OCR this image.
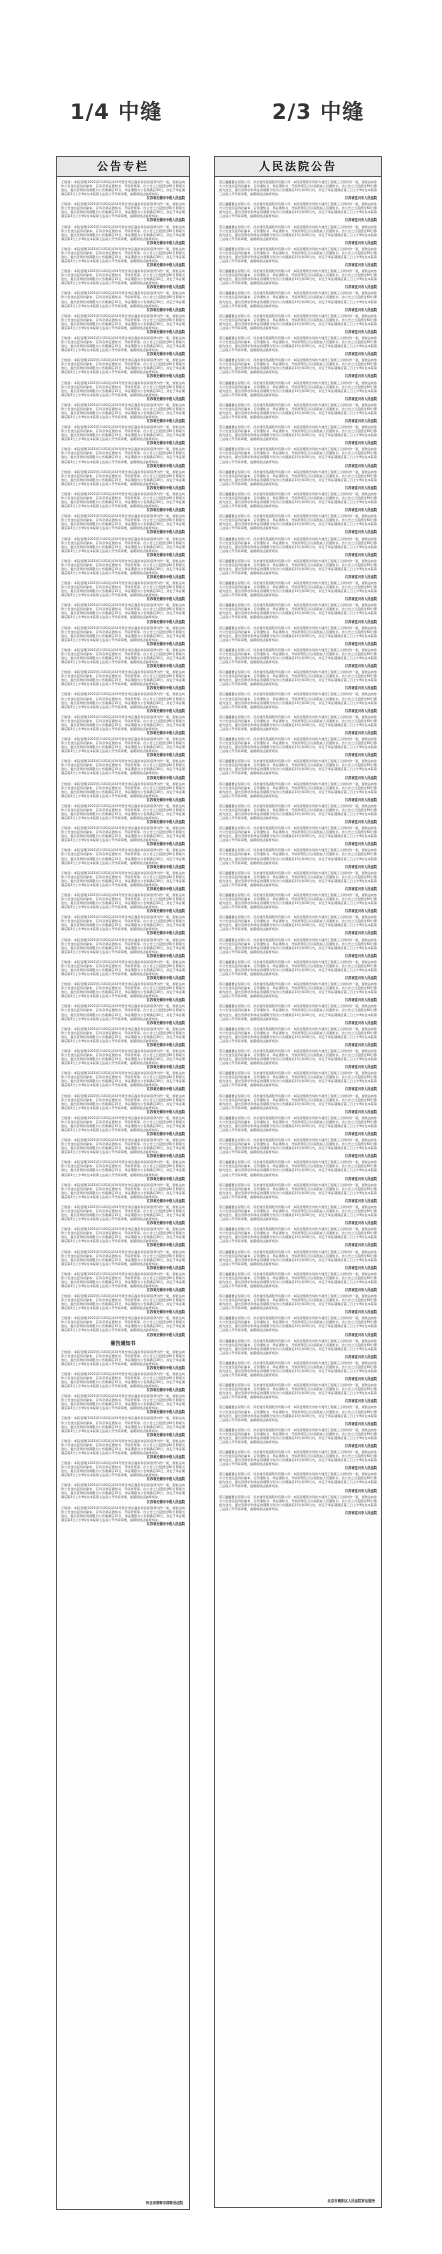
1/4 中缝	2/3 中缝
公告专栏

王俊锋：本院受理(2023)苏1102民初24号原告刘宗磊诉你民间借贷纠纷一案，现依法向你公告送达起诉状副本、应诉及举证通知书、开庭传票等。自公告之日起经过60日即视为送达。提出答辩状的期限为公告期满后15日，举证期限为公告期满后30日，并定于举证期满后第3日上午9时在本院第七法庭公开开庭审理，逾期将依法缺席判决。

江苏省无锡市中级人民法院

王俊锋：本院受理(2023)苏1102民初24号原告刘宗磊诉你民间借贷纠纷一案，现依法向你公告送达起诉状副本、应诉及举证通知书、开庭传票等。自公告之日起经过60日即视为送达。提出答辩状的期限为公告期满后15日，举证期限为公告期满后30日，并定于举证期满后第3日上午9时在本院第七法庭公开开庭审理，逾期将依法缺席判决。

江苏省无锡市中级人民法院

王俊锋：本院受理(2023)苏1102民初24号原告刘宗磊诉你民间借贷纠纷一案，现依法向你公告送达起诉状副本、应诉及举证通知书、开庭传票等。自公告之日起经过60日即视为送达。提出答辩状的期限为公告期满后15日，举证期限为公告期满后30日，并定于举证期满后第3日上午9时在本院第七法庭公开开庭审理，逾期将依法缺席判决。

江苏省无锡市中级人民法院

王俊锋：本院受理(2023)苏1102民初24号原告刘宗磊诉你民间借贷纠纷一案，现依法向你公告送达起诉状副本、应诉及举证通知书、开庭传票等。自公告之日起经过60日即视为送达。提出答辩状的期限为公告期满后15日，举证期限为公告期满后30日，并定于举证期满后第3日上午9时在本院第七法庭公开开庭审理，逾期将依法缺席判决。

江苏省无锡市中级人民法院

王俊锋：本院受理(2023)苏1102民初24号原告刘宗磊诉你民间借贷纠纷一案，现依法向你公告送达起诉状副本、应诉及举证通知书、开庭传票等。自公告之日起经过60日即视为送达。提出答辩状的期限为公告期满后15日，举证期限为公告期满后30日，并定于举证期满后第3日上午9时在本院第七法庭公开开庭审理，逾期将依法缺席判决。

江苏省无锡市中级人民法院

王俊锋：本院受理(2023)苏1102民初24号原告刘宗磊诉你民间借贷纠纷一案，现依法向你公告送达起诉状副本、应诉及举证通知书、开庭传票等。自公告之日起经过60日即视为送达。提出答辩状的期限为公告期满后15日，举证期限为公告期满后30日，并定于举证期满后第3日上午9时在本院第七法庭公开开庭审理，逾期将依法缺席判决。

江苏省无锡市中级人民法院

王俊锋：本院受理(2023)苏1102民初24号原告刘宗磊诉你民间借贷纠纷一案，现依法向你公告送达起诉状副本、应诉及举证通知书、开庭传票等。自公告之日起经过60日即视为送达。提出答辩状的期限为公告期满后15日，举证期限为公告期满后30日，并定于举证期满后第3日上午9时在本院第七法庭公开开庭审理，逾期将依法缺席判决。

江苏省无锡市中级人民法院

王俊锋：本院受理(2023)苏1102民初24号原告刘宗磊诉你民间借贷纠纷一案，现依法向你公告送达起诉状副本、应诉及举证通知书、开庭传票等。自公告之日起经过60日即视为送达。提出答辩状的期限为公告期满后15日，举证期限为公告期满后30日，并定于举证期满后第3日上午9时在本院第七法庭公开开庭审理，逾期将依法缺席判决。

江苏省无锡市中级人民法院

王俊锋：本院受理(2023)苏1102民初24号原告刘宗磊诉你民间借贷纠纷一案，现依法向你公告送达起诉状副本、应诉及举证通知书、开庭传票等。自公告之日起经过60日即视为送达。提出答辩状的期限为公告期满后15日，举证期限为公告期满后30日，并定于举证期满后第3日上午9时在本院第七法庭公开开庭审理，逾期将依法缺席判决。

江苏省无锡市中级人民法院

王俊锋：本院受理(2023)苏1102民初24号原告刘宗磊诉你民间借贷纠纷一案，现依法向你公告送达起诉状副本、应诉及举证通知书、开庭传票等。自公告之日起经过60日即视为送达。提出答辩状的期限为公告期满后15日，举证期限为公告期满后30日，并定于举证期满后第3日上午9时在本院第七法庭公开开庭审理，逾期将依法缺席判决。

江苏省无锡市中级人民法院

王俊锋：本院受理(2023)苏1102民初24号原告刘宗磊诉你民间借贷纠纷一案，现依法向你公告送达起诉状副本、应诉及举证通知书、开庭传票等。自公告之日起经过60日即视为送达。提出答辩状的期限为公告期满后15日，举证期限为公告期满后30日，并定于举证期满后第3日上午9时在本院第七法庭公开开庭审理，逾期将依法缺席判决。

江苏省无锡市中级人民法院

王俊锋：本院受理(2023)苏1102民初24号原告刘宗磊诉你民间借贷纠纷一案，现依法向你公告送达起诉状副本、应诉及举证通知书、开庭传票等。自公告之日起经过60日即视为送达。提出答辩状的期限为公告期满后15日，举证期限为公告期满后30日，并定于举证期满后第3日上午9时在本院第七法庭公开开庭审理，逾期将依法缺席判决。

江苏省无锡市中级人民法院

王俊锋：本院受理(2023)苏1102民初24号原告刘宗磊诉你民间借贷纠纷一案，现依法向你公告送达起诉状副本、应诉及举证通知书、开庭传票等。自公告之日起经过60日即视为送达。提出答辩状的期限为公告期满后15日，举证期限为公告期满后30日，并定于举证期满后第3日上午9时在本院第七法庭公开开庭审理，逾期将依法缺席判决。

江苏省无锡市中级人民法院

王俊锋：本院受理(2023)苏1102民初24号原告刘宗磊诉你民间借贷纠纷一案，现依法向你公告送达起诉状副本、应诉及举证通知书、开庭传票等。自公告之日起经过60日即视为送达。提出答辩状的期限为公告期满后15日，举证期限为公告期满后30日，并定于举证期满后第3日上午9时在本院第七法庭公开开庭审理，逾期将依法缺席判决。

江苏省无锡市中级人民法院

王俊锋：本院受理(2023)苏1102民初24号原告刘宗磊诉你民间借贷纠纷一案，现依法向你公告送达起诉状副本、应诉及举证通知书、开庭传票等。自公告之日起经过60日即视为送达。提出答辩状的期限为公告期满后15日，举证期限为公告期满后30日，并定于举证期满后第3日上午9时在本院第七法庭公开开庭审理，逾期将依法缺席判决。

江苏省无锡市中级人民法院

王俊锋：本院受理(2023)苏1102民初24号原告刘宗磊诉你民间借贷纠纷一案，现依法向你公告送达起诉状副本、应诉及举证通知书、开庭传票等。自公告之日起经过60日即视为送达。提出答辩状的期限为公告期满后15日，举证期限为公告期满后30日，并定于举证期满后第3日上午9时在本院第七法庭公开开庭审理，逾期将依法缺席判决。

江苏省无锡市中级人民法院

王俊锋：本院受理(2023)苏1102民初24号原告刘宗磊诉你民间借贷纠纷一案，现依法向你公告送达起诉状副本、应诉及举证通知书、开庭传票等。自公告之日起经过60日即视为送达。提出答辩状的期限为公告期满后15日，举证期限为公告期满后30日，并定于举证期满后第3日上午9时在本院第七法庭公开开庭审理，逾期将依法缺席判决。

江苏省无锡市中级人民法院

王俊锋：本院受理(2023)苏1102民初24号原告刘宗磊诉你民间借贷纠纷一案，现依法向你公告送达起诉状副本、应诉及举证通知书、开庭传票等。自公告之日起经过60日即视为送达。提出答辩状的期限为公告期满后15日，举证期限为公告期满后30日，并定于举证期满后第3日上午9时在本院第七法庭公开开庭审理，逾期将依法缺席判决。

江苏省无锡市中级人民法院

王俊锋：本院受理(2023)苏1102民初24号原告刘宗磊诉你民间借贷纠纷一案，现依法向你公告送达起诉状副本、应诉及举证通知书、开庭传票等。自公告之日起经过60日即视为送达。提出答辩状的期限为公告期满后15日，举证期限为公告期满后30日，并定于举证期满后第3日上午9时在本院第七法庭公开开庭审理，逾期将依法缺席判决。

江苏省无锡市中级人民法院

王俊锋：本院受理(2023)苏1102民初24号原告刘宗磊诉你民间借贷纠纷一案，现依法向你公告送达起诉状副本、应诉及举证通知书、开庭传票等。自公告之日起经过60日即视为送达。提出答辩状的期限为公告期满后15日，举证期限为公告期满后30日，并定于举证期满后第3日上午9时在本院第七法庭公开开庭审理，逾期将依法缺席判决。

江苏省无锡市中级人民法院

王俊锋：本院受理(2023)苏1102民初24号原告刘宗磊诉你民间借贷纠纷一案，现依法向你公告送达起诉状副本、应诉及举证通知书、开庭传票等。自公告之日起经过60日即视为送达。提出答辩状的期限为公告期满后15日，举证期限为公告期满后30日，并定于举证期满后第3日上午9时在本院第七法庭公开开庭审理，逾期将依法缺席判决。

江苏省无锡市中级人民法院

王俊锋：本院受理(2023)苏1102民初24号原告刘宗磊诉你民间借贷纠纷一案，现依法向你公告送达起诉状副本、应诉及举证通知书、开庭传票等。自公告之日起经过60日即视为送达。提出答辩状的期限为公告期满后15日，举证期限为公告期满后30日，并定于举证期满后第3日上午9时在本院第七法庭公开开庭审理，逾期将依法缺席判决。

江苏省无锡市中级人民法院

王俊锋：本院受理(2023)苏1102民初24号原告刘宗磊诉你民间借贷纠纷一案，现依法向你公告送达起诉状副本、应诉及举证通知书、开庭传票等。自公告之日起经过60日即视为送达。提出答辩状的期限为公告期满后15日，举证期限为公告期满后30日，并定于举证期满后第3日上午9时在本院第七法庭公开开庭审理，逾期将依法缺席判决。

江苏省无锡市中级人民法院

王俊锋：本院受理(2023)苏1102民初24号原告刘宗磊诉你民间借贷纠纷一案，现依法向你公告送达起诉状副本、应诉及举证通知书、开庭传票等。自公告之日起经过60日即视为送达。提出答辩状的期限为公告期满后15日，举证期限为公告期满后30日，并定于举证期满后第3日上午9时在本院第七法庭公开开庭审理，逾期将依法缺席判决。

江苏省无锡市中级人民法院

王俊锋：本院受理(2023)苏1102民初24号原告刘宗磊诉你民间借贷纠纷一案，现依法向你公告送达起诉状副本、应诉及举证通知书、开庭传票等。自公告之日起经过60日即视为送达。提出答辩状的期限为公告期满后15日，举证期限为公告期满后30日，并定于举证期满后第3日上午9时在本院第七法庭公开开庭审理，逾期将依法缺席判决。

江苏省无锡市中级人民法院

王俊锋：本院受理(2023)苏1102民初24号原告刘宗磊诉你民间借贷纠纷一案，现依法向你公告送达起诉状副本、应诉及举证通知书、开庭传票等。自公告之日起经过60日即视为送达。提出答辩状的期限为公告期满后15日，举证期限为公告期满后30日，并定于举证期满后第3日上午9时在本院第七法庭公开开庭审理，逾期将依法缺席判决。

江苏省无锡市中级人民法院

王俊锋：本院受理(2023)苏1102民初24号原告刘宗磊诉你民间借贷纠纷一案，现依法向你公告送达起诉状副本、应诉及举证通知书、开庭传票等。自公告之日起经过60日即视为送达。提出答辩状的期限为公告期满后15日，举证期限为公告期满后30日，并定于举证期满后第3日上午9时在本院第七法庭公开开庭审理，逾期将依法缺席判决。

江苏省无锡市中级人民法院

王俊锋：本院受理(2023)苏1102民初24号原告刘宗磊诉你民间借贷纠纷一案，现依法向你公告送达起诉状副本、应诉及举证通知书、开庭传票等。自公告之日起经过60日即视为送达。提出答辩状的期限为公告期满后15日，举证期限为公告期满后30日，并定于举证期满后第3日上午9时在本院第七法庭公开开庭审理，逾期将依法缺席判决。

江苏省无锡市中级人民法院

王俊锋：本院受理(2023)苏1102民初24号原告刘宗磊诉你民间借贷纠纷一案，现依法向你公告送达起诉状副本、应诉及举证通知书、开庭传票等。自公告之日起经过60日即视为送达。提出答辩状的期限为公告期满后15日，举证期限为公告期满后30日，并定于举证期满后第3日上午9时在本院第七法庭公开开庭审理，逾期将依法缺席判决。

江苏省无锡市中级人民法院

王俊锋：本院受理(2023)苏1102民初24号原告刘宗磊诉你民间借贷纠纷一案，现依法向你公告送达起诉状副本、应诉及举证通知书、开庭传票等。自公告之日起经过60日即视为送达。提出答辩状的期限为公告期满后15日，举证期限为公告期满后30日，并定于举证期满后第3日上午9时在本院第七法庭公开开庭审理，逾期将依法缺席判决。

江苏省无锡市中级人民法院

王俊锋：本院受理(2023)苏1102民初24号原告刘宗磊诉你民间借贷纠纷一案，现依法向你公告送达起诉状副本、应诉及举证通知书、开庭传票等。自公告之日起经过60日即视为送达。提出答辩状的期限为公告期满后15日，举证期限为公告期满后30日，并定于举证期满后第3日上午9时在本院第七法庭公开开庭审理，逾期将依法缺席判决。

江苏省无锡市中级人民法院

王俊锋：本院受理(2023)苏1102民初24号原告刘宗磊诉你民间借贷纠纷一案，现依法向你公告送达起诉状副本、应诉及举证通知书、开庭传票等。自公告之日起经过60日即视为送达。提出答辩状的期限为公告期满后15日，举证期限为公告期满后30日，并定于举证期满后第3日上午9时在本院第七法庭公开开庭审理，逾期将依法缺席判决。

江苏省无锡市中级人民法院

王俊锋：本院受理(2023)苏1102民初24号原告刘宗磊诉你民间借贷纠纷一案，现依法向你公告送达起诉状副本、应诉及举证通知书、开庭传票等。自公告之日起经过60日即视为送达。提出答辩状的期限为公告期满后15日，举证期限为公告期满后30日，并定于举证期满后第3日上午9时在本院第七法庭公开开庭审理，逾期将依法缺席判决。

江苏省无锡市中级人民法院

王俊锋：本院受理(2023)苏1102民初24号原告刘宗磊诉你民间借贷纠纷一案，现依法向你公告送达起诉状副本、应诉及举证通知书、开庭传票等。自公告之日起经过60日即视为送达。提出答辩状的期限为公告期满后15日，举证期限为公告期满后30日，并定于举证期满后第3日上午9时在本院第七法庭公开开庭审理，逾期将依法缺席判决。

江苏省无锡市中级人民法院

王俊锋：本院受理(2023)苏1102民初24号原告刘宗磊诉你民间借贷纠纷一案，现依法向你公告送达起诉状副本、应诉及举证通知书、开庭传票等。自公告之日起经过60日即视为送达。提出答辩状的期限为公告期满后15日，举证期限为公告期满后30日，并定于举证期满后第3日上午9时在本院第七法庭公开开庭审理，逾期将依法缺席判决。

江苏省无锡市中级人民法院

王俊锋：本院受理(2023)苏1102民初24号原告刘宗磊诉你民间借贷纠纷一案，现依法向你公告送达起诉状副本、应诉及举证通知书、开庭传票等。自公告之日起经过60日即视为送达。提出答辩状的期限为公告期满后15日，举证期限为公告期满后30日，并定于举证期满后第3日上午9时在本院第七法庭公开开庭审理，逾期将依法缺席判决。

江苏省无锡市中级人民法院

王俊锋：本院受理(2023)苏1102民初24号原告刘宗磊诉你民间借贷纠纷一案，现依法向你公告送达起诉状副本、应诉及举证通知书、开庭传票等。自公告之日起经过60日即视为送达。提出答辩状的期限为公告期满后15日，举证期限为公告期满后30日，并定于举证期满后第3日上午9时在本院第七法庭公开开庭审理，逾期将依法缺席判决。

江苏省无锡市中级人民法院

王俊锋：本院受理(2023)苏1102民初24号原告刘宗磊诉你民间借贷纠纷一案，现依法向你公告送达起诉状副本、应诉及举证通知书、开庭传票等。自公告之日起经过60日即视为送达。提出答辩状的期限为公告期满后15日，举证期限为公告期满后30日，并定于举证期满后第3日上午9时在本院第七法庭公开开庭审理，逾期将依法缺席判决。

江苏省无锡市中级人民法院

王俊锋：本院受理(2023)苏1102民初24号原告刘宗磊诉你民间借贷纠纷一案，现依法向你公告送达起诉状副本、应诉及举证通知书、开庭传票等。自公告之日起经过60日即视为送达。提出答辩状的期限为公告期满后15日，举证期限为公告期满后30日，并定于举证期满后第3日上午9时在本院第七法庭公开开庭审理，逾期将依法缺席判决。

江苏省无锡市中级人民法院

王俊锋：本院受理(2023)苏1102民初24号原告刘宗磊诉你民间借贷纠纷一案，现依法向你公告送达起诉状副本、应诉及举证通知书、开庭传票等。自公告之日起经过60日即视为送达。提出答辩状的期限为公告期满后15日，举证期限为公告期满后30日，并定于举证期满后第3日上午9时在本院第七法庭公开开庭审理，逾期将依法缺席判决。

江苏省无锡市中级人民法院

王俊锋：本院受理(2023)苏1102民初24号原告刘宗磊诉你民间借贷纠纷一案，现依法向你公告送达起诉状副本、应诉及举证通知书、开庭传票等。自公告之日起经过60日即视为送达。提出答辩状的期限为公告期满后15日，举证期限为公告期满后30日，并定于举证期满后第3日上午9时在本院第七法庭公开开庭审理，逾期将依法缺席判决。

江苏省无锡市中级人民法院

王俊锋：本院受理(2023)苏1102民初24号原告刘宗磊诉你民间借贷纠纷一案，现依法向你公告送达起诉状副本、应诉及举证通知书、开庭传票等。自公告之日起经过60日即视为送达。提出答辩状的期限为公告期满后15日，举证期限为公告期满后30日，并定于举证期满后第3日上午9时在本院第七法庭公开开庭审理，逾期将依法缺席判决。

江苏省无锡市中级人民法院

王俊锋：本院受理(2023)苏1102民初24号原告刘宗磊诉你民间借贷纠纷一案，现依法向你公告送达起诉状副本、应诉及举证通知书、开庭传票等。自公告之日起经过60日即视为送达。提出答辩状的期限为公告期满后15日，举证期限为公告期满后30日，并定于举证期满后第3日上午9时在本院第七法庭公开开庭审理，逾期将依法缺席判决。

江苏省无锡市中级人民法院

王俊锋：本院受理(2023)苏1102民初24号原告刘宗磊诉你民间借贷纠纷一案，现依法向你公告送达起诉状副本、应诉及举证通知书、开庭传票等。自公告之日起经过60日即视为送达。提出答辩状的期限为公告期满后15日，举证期限为公告期满后30日，并定于举证期满后第3日上午9时在本院第七法庭公开开庭审理，逾期将依法缺席判决。

江苏省无锡市中级人民法院

王俊锋：本院受理(2023)苏1102民初24号原告刘宗磊诉你民间借贷纠纷一案，现依法向你公告送达起诉状副本、应诉及举证通知书、开庭传票等。自公告之日起经过60日即视为送达。提出答辩状的期限为公告期满后15日，举证期限为公告期满后30日，并定于举证期满后第3日上午9时在本院第七法庭公开开庭审理，逾期将依法缺席判决。

江苏省无锡市中级人民法院

王俊锋：本院受理(2023)苏1102民初24号原告刘宗磊诉你民间借贷纠纷一案，现依法向你公告送达起诉状副本、应诉及举证通知书、开庭传票等。自公告之日起经过60日即视为送达。提出答辩状的期限为公告期满后15日，举证期限为公告期满后30日，并定于举证期满后第3日上午9时在本院第七法庭公开开庭审理，逾期将依法缺席判决。

江苏省无锡市中级人民法院

王俊锋：本院受理(2023)苏1102民初24号原告刘宗磊诉你民间借贷纠纷一案，现依法向你公告送达起诉状副本、应诉及举证通知书、开庭传票等。自公告之日起经过60日即视为送达。提出答辩状的期限为公告期满后15日，举证期限为公告期满后30日，并定于举证期满后第3日上午9时在本院第七法庭公开开庭审理，逾期将依法缺席判决。

江苏省无锡市中级人民法院

王俊锋：本院受理(2023)苏1102民初24号原告刘宗磊诉你民间借贷纠纷一案，现依法向你公告送达起诉状副本、应诉及举证通知书、开庭传票等。自公告之日起经过60日即视为送达。提出答辩状的期限为公告期满后15日，举证期限为公告期满后30日，并定于举证期满后第3日上午9时在本院第七法庭公开开庭审理，逾期将依法缺席判决。

江苏省无锡市中级人民法院

王俊锋：本院受理(2023)苏1102民初24号原告刘宗磊诉你民间借贷纠纷一案，现依法向你公告送达起诉状副本、应诉及举证通知书、开庭传票等。自公告之日起经过60日即视为送达。提出答辩状的期限为公告期满后15日，举证期限为公告期满后30日，并定于举证期满后第3日上午9时在本院第七法庭公开开庭审理，逾期将依法缺席判决。

江苏省无锡市中级人民法院

王俊锋：本院受理(2023)苏1102民初24号原告刘宗磊诉你民间借贷纠纷一案，现依法向你公告送达起诉状副本、应诉及举证通知书、开庭传票等。自公告之日起经过60日即视为送达。提出答辩状的期限为公告期满后15日，举证期限为公告期满后30日，并定于举证期满后第3日上午9时在本院第七法庭公开开庭审理，逾期将依法缺席判决。

江苏省无锡市中级人民法院

王俊锋：本院受理(2023)苏1102民初24号原告刘宗磊诉你民间借贷纠纷一案，现依法向你公告送达起诉状副本、应诉及举证通知书、开庭传票等。自公告之日起经过60日即视为送达。提出答辩状的期限为公告期满后15日，举证期限为公告期满后30日，并定于举证期满后第3日上午9时在本院第七法庭公开开庭审理，逾期将依法缺席判决。

江苏省无锡市中级人民法院

王俊锋：本院受理(2023)苏1102民初24号原告刘宗磊诉你民间借贷纠纷一案，现依法向你公告送达起诉状副本、应诉及举证通知书、开庭传票等。自公告之日起经过60日即视为送达。提出答辩状的期限为公告期满后15日，举证期限为公告期满后30日，并定于举证期满后第3日上午9时在本院第七法庭公开开庭审理，逾期将依法缺席判决。

江苏省无锡市中级人民法院
催告通知书

王俊锋：本院受理(2023)苏1102民初24号原告刘宗磊诉你民间借贷纠纷一案，现依法向你公告送达起诉状副本、应诉及举证通知书、开庭传票等。自公告之日起经过60日即视为送达。提出答辩状的期限为公告期满后15日，举证期限为公告期满后30日，并定于举证期满后第3日上午9时在本院第七法庭公开开庭审理，逾期将依法缺席判决。

江苏省无锡市中级人民法院

王俊锋：本院受理(2023)苏1102民初24号原告刘宗磊诉你民间借贷纠纷一案，现依法向你公告送达起诉状副本、应诉及举证通知书、开庭传票等。自公告之日起经过60日即视为送达。提出答辩状的期限为公告期满后15日，举证期限为公告期满后30日，并定于举证期满后第3日上午9时在本院第七法庭公开开庭审理，逾期将依法缺席判决。

江苏省无锡市中级人民法院

王俊锋：本院受理(2023)苏1102民初24号原告刘宗磊诉你民间借贷纠纷一案，现依法向你公告送达起诉状副本、应诉及举证通知书、开庭传票等。自公告之日起经过60日即视为送达。提出答辩状的期限为公告期满后15日，举证期限为公告期满后30日，并定于举证期满后第3日上午9时在本院第七法庭公开开庭审理，逾期将依法缺席判决。

江苏省无锡市中级人民法院

王俊锋：本院受理(2023)苏1102民初24号原告刘宗磊诉你民间借贷纠纷一案，现依法向你公告送达起诉状副本、应诉及举证通知书、开庭传票等。自公告之日起经过60日即视为送达。提出答辩状的期限为公告期满后15日，举证期限为公告期满后30日，并定于举证期满后第3日上午9时在本院第七法庭公开开庭审理，逾期将依法缺席判决。

江苏省无锡市中级人民法院

王俊锋：本院受理(2023)苏1102民初24号原告刘宗磊诉你民间借贷纠纷一案，现依法向你公告送达起诉状副本、应诉及举证通知书、开庭传票等。自公告之日起经过60日即视为送达。提出答辩状的期限为公告期满后15日，举证期限为公告期满后30日，并定于举证期满后第3日上午9时在本院第七法庭公开开庭审理，逾期将依法缺席判决。

江苏省无锡市中级人民法院

王俊锋：本院受理(2023)苏1102民初24号原告刘宗磊诉你民间借贷纠纷一案，现依法向你公告送达起诉状副本、应诉及举证通知书、开庭传票等。自公告之日起经过60日即视为送达。提出答辩状的期限为公告期满后15日，举证期限为公告期满后30日，并定于举证期满后第3日上午9时在本院第七法庭公开开庭审理，逾期将依法缺席判决。

江苏省无锡市中级人民法院

王俊锋：本院受理(2023)苏1102民初24号原告刘宗磊诉你民间借贷纠纷一案，现依法向你公告送达起诉状副本、应诉及举证通知书、开庭传票等。自公告之日起经过60日即视为送达。提出答辩状的期限为公告期满后15日，举证期限为公告期满后30日，并定于举证期满后第3日上午9时在本院第七法庭公开开庭审理，逾期将依法缺席判决。

江苏省无锡市中级人民法院

王俊锋：本院受理(2023)苏1102民初24号原告刘宗磊诉你民间借贷纠纷一案，现依法向你公告送达起诉状副本、应诉及举证通知书、开庭传票等。自公告之日起经过60日即视为送达。提出答辩状的期限为公告期满后15日，举证期限为公告期满后30日，并定于举证期满后第3日上午9时在本院第七法庭公开开庭审理，逾期将依法缺席判决。

江苏省无锡市中级人民法院
河北省邯郸市邯郸县法院
人民法院公告

晋江鑫鑫置业有限公司、河北建设集团股份有限公司：本院受理原告诉你方建设工程施工合同纠纷一案，现依法向你方公告送达起诉状副本、应诉通知书、举证通知书、开庭传票及合议庭组成人员通知书。自公告之日起经过60日即视为送达，提出答辩状和举证的期限分别为公告期满后15日和30日内，并定于举证期满后第三日上午9时在本院第三法庭公开开庭审理，逾期将依法缺席判决。

江苏省宜兴市人民法院

晋江鑫鑫置业有限公司、河北建设集团股份有限公司：本院受理原告诉你方建设工程施工合同纠纷一案，现依法向你方公告送达起诉状副本、应诉通知书、举证通知书、开庭传票及合议庭组成人员通知书。自公告之日起经过60日即视为送达，提出答辩状和举证的期限分别为公告期满后15日和30日内，并定于举证期满后第三日上午9时在本院第三法庭公开开庭审理，逾期将依法缺席判决。

江苏省宜兴市人民法院

晋江鑫鑫置业有限公司、河北建设集团股份有限公司：本院受理原告诉你方建设工程施工合同纠纷一案，现依法向你方公告送达起诉状副本、应诉通知书、举证通知书、开庭传票及合议庭组成人员通知书。自公告之日起经过60日即视为送达，提出答辩状和举证的期限分别为公告期满后15日和30日内，并定于举证期满后第三日上午9时在本院第三法庭公开开庭审理，逾期将依法缺席判决。

江苏省宜兴市人民法院

晋江鑫鑫置业有限公司、河北建设集团股份有限公司：本院受理原告诉你方建设工程施工合同纠纷一案，现依法向你方公告送达起诉状副本、应诉通知书、举证通知书、开庭传票及合议庭组成人员通知书。自公告之日起经过60日即视为送达，提出答辩状和举证的期限分别为公告期满后15日和30日内，并定于举证期满后第三日上午9时在本院第三法庭公开开庭审理，逾期将依法缺席判决。

江苏省宜兴市人民法院

晋江鑫鑫置业有限公司、河北建设集团股份有限公司：本院受理原告诉你方建设工程施工合同纠纷一案，现依法向你方公告送达起诉状副本、应诉通知书、举证通知书、开庭传票及合议庭组成人员通知书。自公告之日起经过60日即视为送达，提出答辩状和举证的期限分别为公告期满后15日和30日内，并定于举证期满后第三日上午9时在本院第三法庭公开开庭审理，逾期将依法缺席判决。

江苏省宜兴市人民法院

晋江鑫鑫置业有限公司、河北建设集团股份有限公司：本院受理原告诉你方建设工程施工合同纠纷一案，现依法向你方公告送达起诉状副本、应诉通知书、举证通知书、开庭传票及合议庭组成人员通知书。自公告之日起经过60日即视为送达，提出答辩状和举证的期限分别为公告期满后15日和30日内，并定于举证期满后第三日上午9时在本院第三法庭公开开庭审理，逾期将依法缺席判决。

江苏省宜兴市人民法院

晋江鑫鑫置业有限公司、河北建设集团股份有限公司：本院受理原告诉你方建设工程施工合同纠纷一案，现依法向你方公告送达起诉状副本、应诉通知书、举证通知书、开庭传票及合议庭组成人员通知书。自公告之日起经过60日即视为送达，提出答辩状和举证的期限分别为公告期满后15日和30日内，并定于举证期满后第三日上午9时在本院第三法庭公开开庭审理，逾期将依法缺席判决。

江苏省宜兴市人民法院

晋江鑫鑫置业有限公司、河北建设集团股份有限公司：本院受理原告诉你方建设工程施工合同纠纷一案，现依法向你方公告送达起诉状副本、应诉通知书、举证通知书、开庭传票及合议庭组成人员通知书。自公告之日起经过60日即视为送达，提出答辩状和举证的期限分别为公告期满后15日和30日内，并定于举证期满后第三日上午9时在本院第三法庭公开开庭审理，逾期将依法缺席判决。

江苏省宜兴市人民法院

晋江鑫鑫置业有限公司、河北建设集团股份有限公司：本院受理原告诉你方建设工程施工合同纠纷一案，现依法向你方公告送达起诉状副本、应诉通知书、举证通知书、开庭传票及合议庭组成人员通知书。自公告之日起经过60日即视为送达，提出答辩状和举证的期限分别为公告期满后15日和30日内，并定于举证期满后第三日上午9时在本院第三法庭公开开庭审理，逾期将依法缺席判决。

江苏省宜兴市人民法院

晋江鑫鑫置业有限公司、河北建设集团股份有限公司：本院受理原告诉你方建设工程施工合同纠纷一案，现依法向你方公告送达起诉状副本、应诉通知书、举证通知书、开庭传票及合议庭组成人员通知书。自公告之日起经过60日即视为送达，提出答辩状和举证的期限分别为公告期满后15日和30日内，并定于举证期满后第三日上午9时在本院第三法庭公开开庭审理，逾期将依法缺席判决。

江苏省宜兴市人民法院

晋江鑫鑫置业有限公司、河北建设集团股份有限公司：本院受理原告诉你方建设工程施工合同纠纷一案，现依法向你方公告送达起诉状副本、应诉通知书、举证通知书、开庭传票及合议庭组成人员通知书。自公告之日起经过60日即视为送达，提出答辩状和举证的期限分别为公告期满后15日和30日内，并定于举证期满后第三日上午9时在本院第三法庭公开开庭审理，逾期将依法缺席判决。

江苏省宜兴市人民法院

晋江鑫鑫置业有限公司、河北建设集团股份有限公司：本院受理原告诉你方建设工程施工合同纠纷一案，现依法向你方公告送达起诉状副本、应诉通知书、举证通知书、开庭传票及合议庭组成人员通知书。自公告之日起经过60日即视为送达，提出答辩状和举证的期限分别为公告期满后15日和30日内，并定于举证期满后第三日上午9时在本院第三法庭公开开庭审理，逾期将依法缺席判决。

江苏省宜兴市人民法院

晋江鑫鑫置业有限公司、河北建设集团股份有限公司：本院受理原告诉你方建设工程施工合同纠纷一案，现依法向你方公告送达起诉状副本、应诉通知书、举证通知书、开庭传票及合议庭组成人员通知书。自公告之日起经过60日即视为送达，提出答辩状和举证的期限分别为公告期满后15日和30日内，并定于举证期满后第三日上午9时在本院第三法庭公开开庭审理，逾期将依法缺席判决。

江苏省宜兴市人民法院

晋江鑫鑫置业有限公司、河北建设集团股份有限公司：本院受理原告诉你方建设工程施工合同纠纷一案，现依法向你方公告送达起诉状副本、应诉通知书、举证通知书、开庭传票及合议庭组成人员通知书。自公告之日起经过60日即视为送达，提出答辩状和举证的期限分别为公告期满后15日和30日内，并定于举证期满后第三日上午9时在本院第三法庭公开开庭审理，逾期将依法缺席判决。

江苏省宜兴市人民法院

晋江鑫鑫置业有限公司、河北建设集团股份有限公司：本院受理原告诉你方建设工程施工合同纠纷一案，现依法向你方公告送达起诉状副本、应诉通知书、举证通知书、开庭传票及合议庭组成人员通知书。自公告之日起经过60日即视为送达，提出答辩状和举证的期限分别为公告期满后15日和30日内，并定于举证期满后第三日上午9时在本院第三法庭公开开庭审理，逾期将依法缺席判决。

江苏省宜兴市人民法院

晋江鑫鑫置业有限公司、河北建设集团股份有限公司：本院受理原告诉你方建设工程施工合同纠纷一案，现依法向你方公告送达起诉状副本、应诉通知书、举证通知书、开庭传票及合议庭组成人员通知书。自公告之日起经过60日即视为送达，提出答辩状和举证的期限分别为公告期满后15日和30日内，并定于举证期满后第三日上午9时在本院第三法庭公开开庭审理，逾期将依法缺席判决。

江苏省宜兴市人民法院

晋江鑫鑫置业有限公司、河北建设集团股份有限公司：本院受理原告诉你方建设工程施工合同纠纷一案，现依法向你方公告送达起诉状副本、应诉通知书、举证通知书、开庭传票及合议庭组成人员通知书。自公告之日起经过60日即视为送达，提出答辩状和举证的期限分别为公告期满后15日和30日内，并定于举证期满后第三日上午9时在本院第三法庭公开开庭审理，逾期将依法缺席判决。

江苏省宜兴市人民法院

晋江鑫鑫置业有限公司、河北建设集团股份有限公司：本院受理原告诉你方建设工程施工合同纠纷一案，现依法向你方公告送达起诉状副本、应诉通知书、举证通知书、开庭传票及合议庭组成人员通知书。自公告之日起经过60日即视为送达，提出答辩状和举证的期限分别为公告期满后15日和30日内，并定于举证期满后第三日上午9时在本院第三法庭公开开庭审理，逾期将依法缺席判决。

江苏省宜兴市人民法院

晋江鑫鑫置业有限公司、河北建设集团股份有限公司：本院受理原告诉你方建设工程施工合同纠纷一案，现依法向你方公告送达起诉状副本、应诉通知书、举证通知书、开庭传票及合议庭组成人员通知书。自公告之日起经过60日即视为送达，提出答辩状和举证的期限分别为公告期满后15日和30日内，并定于举证期满后第三日上午9时在本院第三法庭公开开庭审理，逾期将依法缺席判决。

江苏省宜兴市人民法院

晋江鑫鑫置业有限公司、河北建设集团股份有限公司：本院受理原告诉你方建设工程施工合同纠纷一案，现依法向你方公告送达起诉状副本、应诉通知书、举证通知书、开庭传票及合议庭组成人员通知书。自公告之日起经过60日即视为送达，提出答辩状和举证的期限分别为公告期满后15日和30日内，并定于举证期满后第三日上午9时在本院第三法庭公开开庭审理，逾期将依法缺席判决。

江苏省宜兴市人民法院

晋江鑫鑫置业有限公司、河北建设集团股份有限公司：本院受理原告诉你方建设工程施工合同纠纷一案，现依法向你方公告送达起诉状副本、应诉通知书、举证通知书、开庭传票及合议庭组成人员通知书。自公告之日起经过60日即视为送达，提出答辩状和举证的期限分别为公告期满后15日和30日内，并定于举证期满后第三日上午9时在本院第三法庭公开开庭审理，逾期将依法缺席判决。

江苏省宜兴市人民法院

晋江鑫鑫置业有限公司、河北建设集团股份有限公司：本院受理原告诉你方建设工程施工合同纠纷一案，现依法向你方公告送达起诉状副本、应诉通知书、举证通知书、开庭传票及合议庭组成人员通知书。自公告之日起经过60日即视为送达，提出答辩状和举证的期限分别为公告期满后15日和30日内，并定于举证期满后第三日上午9时在本院第三法庭公开开庭审理，逾期将依法缺席判决。

江苏省宜兴市人民法院

晋江鑫鑫置业有限公司、河北建设集团股份有限公司：本院受理原告诉你方建设工程施工合同纠纷一案，现依法向你方公告送达起诉状副本、应诉通知书、举证通知书、开庭传票及合议庭组成人员通知书。自公告之日起经过60日即视为送达，提出答辩状和举证的期限分别为公告期满后15日和30日内，并定于举证期满后第三日上午9时在本院第三法庭公开开庭审理，逾期将依法缺席判决。

江苏省宜兴市人民法院

晋江鑫鑫置业有限公司、河北建设集团股份有限公司：本院受理原告诉你方建设工程施工合同纠纷一案，现依法向你方公告送达起诉状副本、应诉通知书、举证通知书、开庭传票及合议庭组成人员通知书。自公告之日起经过60日即视为送达，提出答辩状和举证的期限分别为公告期满后15日和30日内，并定于举证期满后第三日上午9时在本院第三法庭公开开庭审理，逾期将依法缺席判决。

江苏省宜兴市人民法院

晋江鑫鑫置业有限公司、河北建设集团股份有限公司：本院受理原告诉你方建设工程施工合同纠纷一案，现依法向你方公告送达起诉状副本、应诉通知书、举证通知书、开庭传票及合议庭组成人员通知书。自公告之日起经过60日即视为送达，提出答辩状和举证的期限分别为公告期满后15日和30日内，并定于举证期满后第三日上午9时在本院第三法庭公开开庭审理，逾期将依法缺席判决。

江苏省宜兴市人民法院

晋江鑫鑫置业有限公司、河北建设集团股份有限公司：本院受理原告诉你方建设工程施工合同纠纷一案，现依法向你方公告送达起诉状副本、应诉通知书、举证通知书、开庭传票及合议庭组成人员通知书。自公告之日起经过60日即视为送达，提出答辩状和举证的期限分别为公告期满后15日和30日内，并定于举证期满后第三日上午9时在本院第三法庭公开开庭审理，逾期将依法缺席判决。

江苏省宜兴市人民法院

晋江鑫鑫置业有限公司、河北建设集团股份有限公司：本院受理原告诉你方建设工程施工合同纠纷一案，现依法向你方公告送达起诉状副本、应诉通知书、举证通知书、开庭传票及合议庭组成人员通知书。自公告之日起经过60日即视为送达，提出答辩状和举证的期限分别为公告期满后15日和30日内，并定于举证期满后第三日上午9时在本院第三法庭公开开庭审理，逾期将依法缺席判决。

江苏省宜兴市人民法院

晋江鑫鑫置业有限公司、河北建设集团股份有限公司：本院受理原告诉你方建设工程施工合同纠纷一案，现依法向你方公告送达起诉状副本、应诉通知书、举证通知书、开庭传票及合议庭组成人员通知书。自公告之日起经过60日即视为送达，提出答辩状和举证的期限分别为公告期满后15日和30日内，并定于举证期满后第三日上午9时在本院第三法庭公开开庭审理，逾期将依法缺席判决。

江苏省宜兴市人民法院

晋江鑫鑫置业有限公司、河北建设集团股份有限公司：本院受理原告诉你方建设工程施工合同纠纷一案，现依法向你方公告送达起诉状副本、应诉通知书、举证通知书、开庭传票及合议庭组成人员通知书。自公告之日起经过60日即视为送达，提出答辩状和举证的期限分别为公告期满后15日和30日内，并定于举证期满后第三日上午9时在本院第三法庭公开开庭审理，逾期将依法缺席判决。

江苏省宜兴市人民法院

晋江鑫鑫置业有限公司、河北建设集团股份有限公司：本院受理原告诉你方建设工程施工合同纠纷一案，现依法向你方公告送达起诉状副本、应诉通知书、举证通知书、开庭传票及合议庭组成人员通知书。自公告之日起经过60日即视为送达，提出答辩状和举证的期限分别为公告期满后15日和30日内，并定于举证期满后第三日上午9时在本院第三法庭公开开庭审理，逾期将依法缺席判决。

江苏省宜兴市人民法院

晋江鑫鑫置业有限公司、河北建设集团股份有限公司：本院受理原告诉你方建设工程施工合同纠纷一案，现依法向你方公告送达起诉状副本、应诉通知书、举证通知书、开庭传票及合议庭组成人员通知书。自公告之日起经过60日即视为送达，提出答辩状和举证的期限分别为公告期满后15日和30日内，并定于举证期满后第三日上午9时在本院第三法庭公开开庭审理，逾期将依法缺席判决。

江苏省宜兴市人民法院

晋江鑫鑫置业有限公司、河北建设集团股份有限公司：本院受理原告诉你方建设工程施工合同纠纷一案，现依法向你方公告送达起诉状副本、应诉通知书、举证通知书、开庭传票及合议庭组成人员通知书。自公告之日起经过60日即视为送达，提出答辩状和举证的期限分别为公告期满后15日和30日内，并定于举证期满后第三日上午9时在本院第三法庭公开开庭审理，逾期将依法缺席判决。

江苏省宜兴市人民法院

晋江鑫鑫置业有限公司、河北建设集团股份有限公司：本院受理原告诉你方建设工程施工合同纠纷一案，现依法向你方公告送达起诉状副本、应诉通知书、举证通知书、开庭传票及合议庭组成人员通知书。自公告之日起经过60日即视为送达，提出答辩状和举证的期限分别为公告期满后15日和30日内，并定于举证期满后第三日上午9时在本院第三法庭公开开庭审理，逾期将依法缺席判决。

江苏省宜兴市人民法院

晋江鑫鑫置业有限公司、河北建设集团股份有限公司：本院受理原告诉你方建设工程施工合同纠纷一案，现依法向你方公告送达起诉状副本、应诉通知书、举证通知书、开庭传票及合议庭组成人员通知书。自公告之日起经过60日即视为送达，提出答辩状和举证的期限分别为公告期满后15日和30日内，并定于举证期满后第三日上午9时在本院第三法庭公开开庭审理，逾期将依法缺席判决。

江苏省宜兴市人民法院

晋江鑫鑫置业有限公司、河北建设集团股份有限公司：本院受理原告诉你方建设工程施工合同纠纷一案，现依法向你方公告送达起诉状副本、应诉通知书、举证通知书、开庭传票及合议庭组成人员通知书。自公告之日起经过60日即视为送达，提出答辩状和举证的期限分别为公告期满后15日和30日内，并定于举证期满后第三日上午9时在本院第三法庭公开开庭审理，逾期将依法缺席判决。

江苏省宜兴市人民法院

晋江鑫鑫置业有限公司、河北建设集团股份有限公司：本院受理原告诉你方建设工程施工合同纠纷一案，现依法向你方公告送达起诉状副本、应诉通知书、举证通知书、开庭传票及合议庭组成人员通知书。自公告之日起经过60日即视为送达，提出答辩状和举证的期限分别为公告期满后15日和30日内，并定于举证期满后第三日上午9时在本院第三法庭公开开庭审理，逾期将依法缺席判决。

江苏省宜兴市人民法院

晋江鑫鑫置业有限公司、河北建设集团股份有限公司：本院受理原告诉你方建设工程施工合同纠纷一案，现依法向你方公告送达起诉状副本、应诉通知书、举证通知书、开庭传票及合议庭组成人员通知书。自公告之日起经过60日即视为送达，提出答辩状和举证的期限分别为公告期满后15日和30日内，并定于举证期满后第三日上午9时在本院第三法庭公开开庭审理，逾期将依法缺席判决。

江苏省宜兴市人民法院

晋江鑫鑫置业有限公司、河北建设集团股份有限公司：本院受理原告诉你方建设工程施工合同纠纷一案，现依法向你方公告送达起诉状副本、应诉通知书、举证通知书、开庭传票及合议庭组成人员通知书。自公告之日起经过60日即视为送达，提出答辩状和举证的期限分别为公告期满后15日和30日内，并定于举证期满后第三日上午9时在本院第三法庭公开开庭审理，逾期将依法缺席判决。

江苏省宜兴市人民法院

晋江鑫鑫置业有限公司、河北建设集团股份有限公司：本院受理原告诉你方建设工程施工合同纠纷一案，现依法向你方公告送达起诉状副本、应诉通知书、举证通知书、开庭传票及合议庭组成人员通知书。自公告之日起经过60日即视为送达，提出答辩状和举证的期限分别为公告期满后15日和30日内，并定于举证期满后第三日上午9时在本院第三法庭公开开庭审理，逾期将依法缺席判决。

江苏省宜兴市人民法院

晋江鑫鑫置业有限公司、河北建设集团股份有限公司：本院受理原告诉你方建设工程施工合同纠纷一案，现依法向你方公告送达起诉状副本、应诉通知书、举证通知书、开庭传票及合议庭组成人员通知书。自公告之日起经过60日即视为送达，提出答辩状和举证的期限分别为公告期满后15日和30日内，并定于举证期满后第三日上午9时在本院第三法庭公开开庭审理，逾期将依法缺席判决。

江苏省宜兴市人民法院

晋江鑫鑫置业有限公司、河北建设集团股份有限公司：本院受理原告诉你方建设工程施工合同纠纷一案，现依法向你方公告送达起诉状副本、应诉通知书、举证通知书、开庭传票及合议庭组成人员通知书。自公告之日起经过60日即视为送达，提出答辩状和举证的期限分别为公告期满后15日和30日内，并定于举证期满后第三日上午9时在本院第三法庭公开开庭审理，逾期将依法缺席判决。

江苏省宜兴市人民法院

晋江鑫鑫置业有限公司、河北建设集团股份有限公司：本院受理原告诉你方建设工程施工合同纠纷一案，现依法向你方公告送达起诉状副本、应诉通知书、举证通知书、开庭传票及合议庭组成人员通知书。自公告之日起经过60日即视为送达，提出答辩状和举证的期限分别为公告期满后15日和30日内，并定于举证期满后第三日上午9时在本院第三法庭公开开庭审理，逾期将依法缺席判决。

江苏省宜兴市人民法院

晋江鑫鑫置业有限公司、河北建设集团股份有限公司：本院受理原告诉你方建设工程施工合同纠纷一案，现依法向你方公告送达起诉状副本、应诉通知书、举证通知书、开庭传票及合议庭组成人员通知书。自公告之日起经过60日即视为送达，提出答辩状和举证的期限分别为公告期满后15日和30日内，并定于举证期满后第三日上午9时在本院第三法庭公开开庭审理，逾期将依法缺席判决。

江苏省宜兴市人民法院

晋江鑫鑫置业有限公司、河北建设集团股份有限公司：本院受理原告诉你方建设工程施工合同纠纷一案，现依法向你方公告送达起诉状副本、应诉通知书、举证通知书、开庭传票及合议庭组成人员通知书。自公告之日起经过60日即视为送达，提出答辩状和举证的期限分别为公告期满后15日和30日内，并定于举证期满后第三日上午9时在本院第三法庭公开开庭审理，逾期将依法缺席判决。

江苏省宜兴市人民法院

晋江鑫鑫置业有限公司、河北建设集团股份有限公司：本院受理原告诉你方建设工程施工合同纠纷一案，现依法向你方公告送达起诉状副本、应诉通知书、举证通知书、开庭传票及合议庭组成人员通知书。自公告之日起经过60日即视为送达，提出答辩状和举证的期限分别为公告期满后15日和30日内，并定于举证期满后第三日上午9时在本院第三法庭公开开庭审理，逾期将依法缺席判决。

江苏省宜兴市人民法院

晋江鑫鑫置业有限公司、河北建设集团股份有限公司：本院受理原告诉你方建设工程施工合同纠纷一案，现依法向你方公告送达起诉状副本、应诉通知书、举证通知书、开庭传票及合议庭组成人员通知书。自公告之日起经过60日即视为送达，提出答辩状和举证的期限分别为公告期满后15日和30日内，并定于举证期满后第三日上午9时在本院第三法庭公开开庭审理，逾期将依法缺席判决。

江苏省宜兴市人民法院

晋江鑫鑫置业有限公司、河北建设集团股份有限公司：本院受理原告诉你方建设工程施工合同纠纷一案，现依法向你方公告送达起诉状副本、应诉通知书、举证通知书、开庭传票及合议庭组成人员通知书。自公告之日起经过60日即视为送达，提出答辩状和举证的期限分别为公告期满后15日和30日内，并定于举证期满后第三日上午9时在本院第三法庭公开开庭审理，逾期将依法缺席判决。

江苏省宜兴市人民法院

晋江鑫鑫置业有限公司、河北建设集团股份有限公司：本院受理原告诉你方建设工程施工合同纠纷一案，现依法向你方公告送达起诉状副本、应诉通知书、举证通知书、开庭传票及合议庭组成人员通知书。自公告之日起经过60日即视为送达，提出答辩状和举证的期限分别为公告期满后15日和30日内，并定于举证期满后第三日上午9时在本院第三法庭公开开庭审理，逾期将依法缺席判决。

江苏省宜兴市人民法院

晋江鑫鑫置业有限公司、河北建设集团股份有限公司：本院受理原告诉你方建设工程施工合同纠纷一案，现依法向你方公告送达起诉状副本、应诉通知书、举证通知书、开庭传票及合议庭组成人员通知书。自公告之日起经过60日即视为送达，提出答辩状和举证的期限分别为公告期满后15日和30日内，并定于举证期满后第三日上午9时在本院第三法庭公开开庭审理，逾期将依法缺席判决。

江苏省宜兴市人民法院

晋江鑫鑫置业有限公司、河北建设集团股份有限公司：本院受理原告诉你方建设工程施工合同纠纷一案，现依法向你方公告送达起诉状副本、应诉通知书、举证通知书、开庭传票及合议庭组成人员通知书。自公告之日起经过60日即视为送达，提出答辩状和举证的期限分别为公告期满后15日和30日内，并定于举证期满后第三日上午9时在本院第三法庭公开开庭审理，逾期将依法缺席判决。

江苏省宜兴市人民法院

晋江鑫鑫置业有限公司、河北建设集团股份有限公司：本院受理原告诉你方建设工程施工合同纠纷一案，现依法向你方公告送达起诉状副本、应诉通知书、举证通知书、开庭传票及合议庭组成人员通知书。自公告之日起经过60日即视为送达，提出答辩状和举证的期限分别为公告期满后15日和30日内，并定于举证期满后第三日上午9时在本院第三法庭公开开庭审理，逾期将依法缺席判决。

江苏省宜兴市人民法院

晋江鑫鑫置业有限公司、河北建设集团股份有限公司：本院受理原告诉你方建设工程施工合同纠纷一案，现依法向你方公告送达起诉状副本、应诉通知书、举证通知书、开庭传票及合议庭组成人员通知书。自公告之日起经过60日即视为送达，提出答辩状和举证的期限分别为公告期满后15日和30日内，并定于举证期满后第三日上午9时在本院第三法庭公开开庭审理，逾期将依法缺席判决。

江苏省宜兴市人民法院

晋江鑫鑫置业有限公司、河北建设集团股份有限公司：本院受理原告诉你方建设工程施工合同纠纷一案，现依法向你方公告送达起诉状副本、应诉通知书、举证通知书、开庭传票及合议庭组成人员通知书。自公告之日起经过60日即视为送达，提出答辩状和举证的期限分别为公告期满后15日和30日内，并定于举证期满后第三日上午9时在本院第三法庭公开开庭审理，逾期将依法缺席判决。

江苏省宜兴市人民法院

晋江鑫鑫置业有限公司、河北建设集团股份有限公司：本院受理原告诉你方建设工程施工合同纠纷一案，现依法向你方公告送达起诉状副本、应诉通知书、举证通知书、开庭传票及合议庭组成人员通知书。自公告之日起经过60日即视为送达，提出答辩状和举证的期限分别为公告期满后15日和30日内，并定于举证期满后第三日上午9时在本院第三法庭公开开庭审理，逾期将依法缺席判决。

江苏省宜兴市人民法院

晋江鑫鑫置业有限公司、河北建设集团股份有限公司：本院受理原告诉你方建设工程施工合同纠纷一案，现依法向你方公告送达起诉状副本、应诉通知书、举证通知书、开庭传票及合议庭组成人员通知书。自公告之日起经过60日即视为送达，提出答辩状和举证的期限分别为公告期满后15日和30日内，并定于举证期满后第三日上午9时在本院第三法庭公开开庭审理，逾期将依法缺席判决。

江苏省宜兴市人民法院

晋江鑫鑫置业有限公司、河北建设集团股份有限公司：本院受理原告诉你方建设工程施工合同纠纷一案，现依法向你方公告送达起诉状副本、应诉通知书、举证通知书、开庭传票及合议庭组成人员通知书。自公告之日起经过60日即视为送达，提出答辩状和举证的期限分别为公告期满后15日和30日内，并定于举证期满后第三日上午9时在本院第三法庭公开开庭审理，逾期将依法缺席判决。

江苏省宜兴市人民法院

晋江鑫鑫置业有限公司、河北建设集团股份有限公司：本院受理原告诉你方建设工程施工合同纠纷一案，现依法向你方公告送达起诉状副本、应诉通知书、举证通知书、开庭传票及合议庭组成人员通知书。自公告之日起经过60日即视为送达，提出答辩状和举证的期限分别为公告期满后15日和30日内，并定于举证期满后第三日上午9时在本院第三法庭公开开庭审理，逾期将依法缺席判决。

江苏省宜兴市人民法院

晋江鑫鑫置业有限公司、河北建设集团股份有限公司：本院受理原告诉你方建设工程施工合同纠纷一案，现依法向你方公告送达起诉状副本、应诉通知书、举证通知书、开庭传票及合议庭组成人员通知书。自公告之日起经过60日即视为送达，提出答辩状和举证的期限分别为公告期满后15日和30日内，并定于举证期满后第三日上午9时在本院第三法庭公开开庭审理，逾期将依法缺席判决。

江苏省宜兴市人民法院

晋江鑫鑫置业有限公司、河北建设集团股份有限公司：本院受理原告诉你方建设工程施工合同纠纷一案，现依法向你方公告送达起诉状副本、应诉通知书、举证通知书、开庭传票及合议庭组成人员通知书。自公告之日起经过60日即视为送达，提出答辩状和举证的期限分别为公告期满后15日和30日内，并定于举证期满后第三日上午9时在本院第三法庭公开开庭审理，逾期将依法缺席判决。

江苏省宜兴市人民法院

晋江鑫鑫置业有限公司、河北建设集团股份有限公司：本院受理原告诉你方建设工程施工合同纠纷一案，现依法向你方公告送达起诉状副本、应诉通知书、举证通知书、开庭传票及合议庭组成人员通知书。自公告之日起经过60日即视为送达，提出答辩状和举证的期限分别为公告期满后15日和30日内，并定于举证期满后第三日上午9时在本院第三法庭公开开庭审理，逾期将依法缺席判决。

江苏省宜兴市人民法院
北京市朝阳区人民法院诉讼服务
